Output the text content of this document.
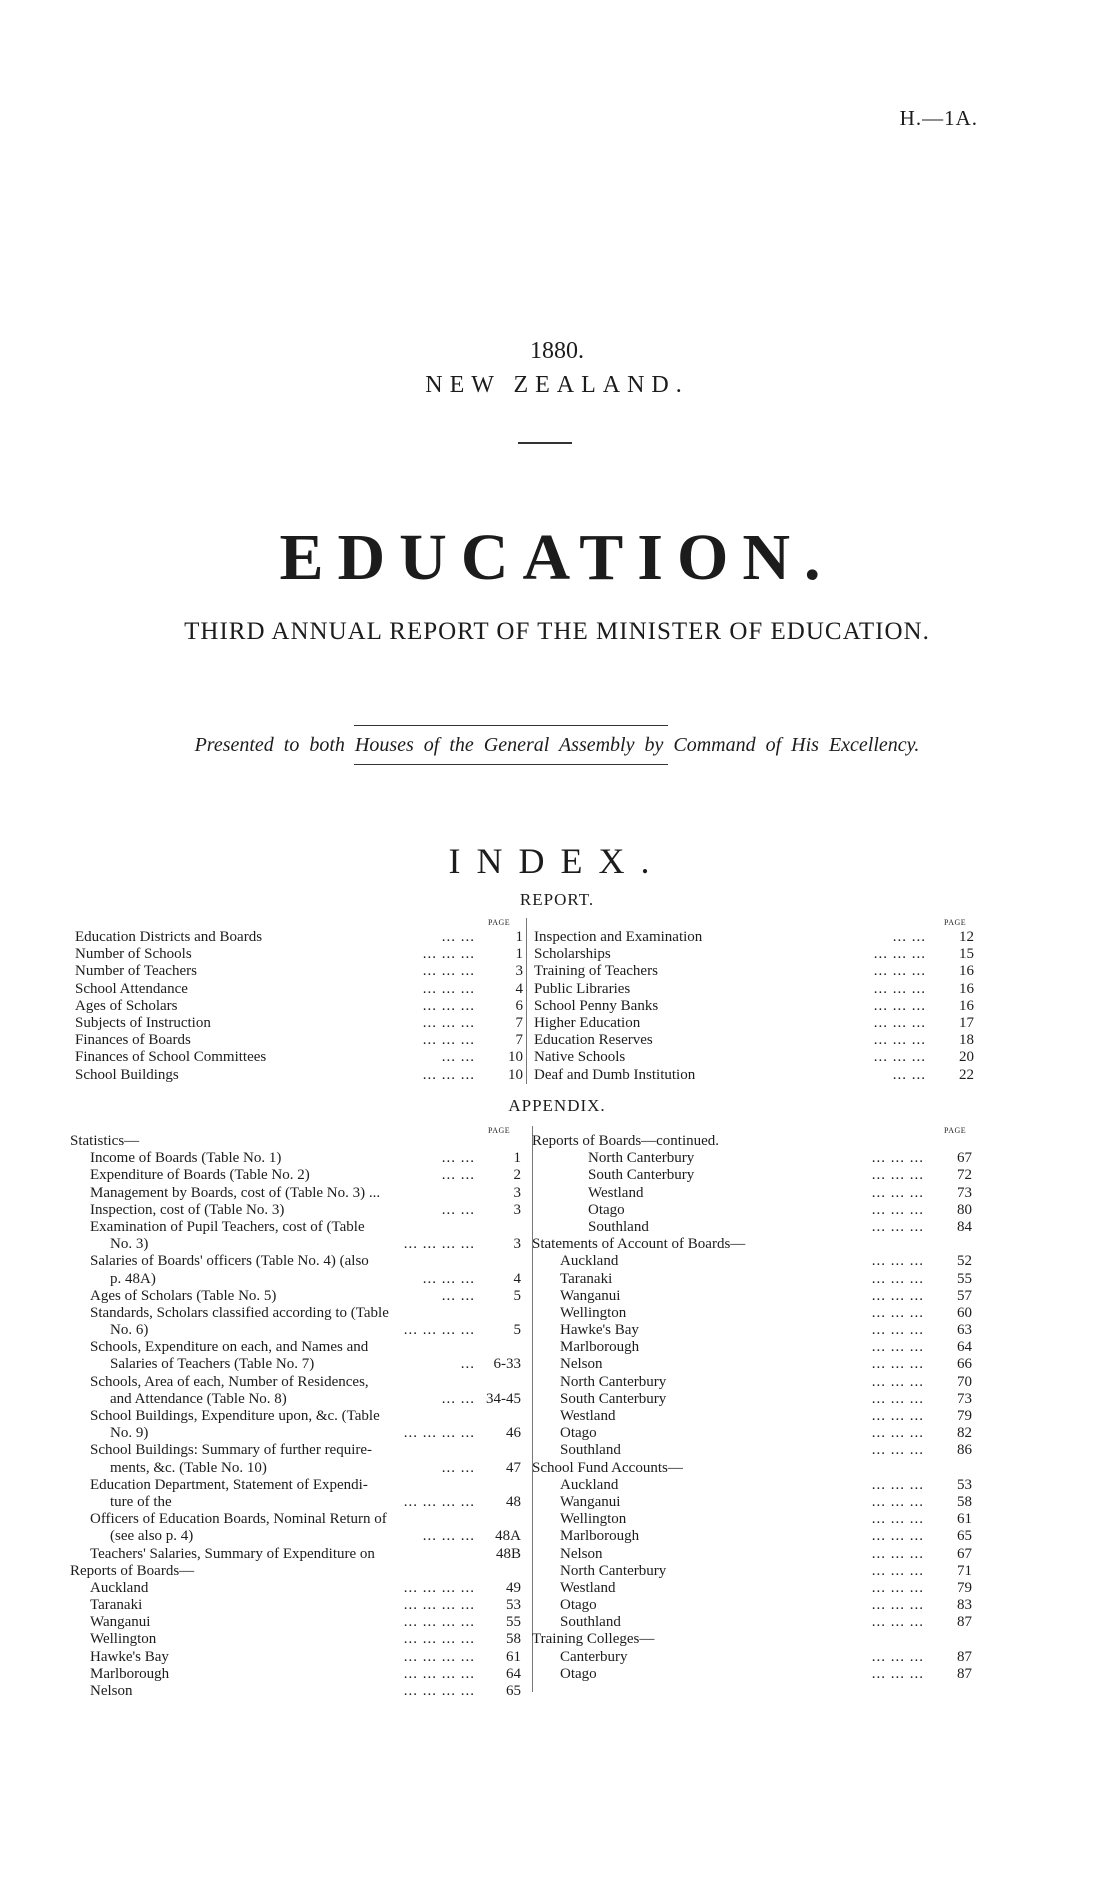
H.—1A.
1880.
NEW ZEALAND.
EDUCATION.
THIRD ANNUAL REPORT OF THE MINISTER OF EDUCATION.
Presented to both Houses of the General Assembly by Command of His Excellency.
INDEX.
REPORT.
PAGE	PAGE
Education Districts and Boards	... ...	1
Number of Schools	... ... ...	1
Number of Teachers	... ... ...	3
School Attendance	... ... ...	4
Ages of Scholars	... ... ...	6
Subjects of Instruction	... ... ...	7
Finances of Boards	... ... ...	7
Finances of School Committees	... ...	10
School Buildings	... ... ...	10
Inspection and Examination	... ...	12
Scholarships	... ... ...	15
Training of Teachers	... ... ...	16
Public Libraries	... ... ...	16
School Penny Banks	... ... ...	16
Higher Education	... ... ...	17
Education Reserves	... ... ...	18
Native Schools	... ... ...	20
Deaf and Dumb Institution	... ...	22
APPENDIX.
PAGE	PAGE
Statistics—
Income of Boards (Table No. 1)	... ...	1
Expenditure of Boards (Table No. 2)	... ...	2
Management by Boards, cost of (Table No. 3) ...	3
Inspection, cost of (Table No. 3)	... ...	3
Examination of Pupil Teachers, cost of (Table
No. 3)	... ... ... ...	3
Salaries of Boards' officers (Table No. 4) (also
p. 48A)	... ... ...	4
Ages of Scholars (Table No. 5)	... ...	5
Standards, Scholars classified according to (Table
No. 6)	... ... ... ...	5
Schools, Expenditure on each, and Names and
Salaries of Teachers (Table No. 7)	...	6-33
Schools, Area of each, Number of Residences,
and Attendance (Table No. 8)	... ... 34-45
School Buildings, Expenditure upon, &c. (Table
No. 9)	... ... ... ...	46
School Buildings: Summary of further require-
ments, &c. (Table No. 10)	... ...	47
Education Department, Statement of Expendi-
ture of the	... ... ... ...	48
Officers of Education Boards, Nominal Return of
(see also p. 4)	... ... ...	48A
Teachers' Salaries, Summary of Expenditure on	48B
Reports of Boards—
Auckland	... ... ... ...	49
Taranaki	... ... ... ...	53
Wanganui	... ... ... ...	55
Wellington	... ... ... ...	58
Hawke's Bay	... ... ... ...	61
Marlborough	... ... ... ...	64
Nelson	... ... ... ...	65
Reports of Boards—continued.
North Canterbury	... ... ...	67
South Canterbury	... ... ...	72
Westland	... ... ...	73
Otago	... ... ...	80
Southland	... ... ...	84
Statements of Account of Boards—
Auckland	... ... ...	52
Taranaki	... ... ...	55
Wanganui	... ... ...	57
Wellington	... ... ...	60
Hawke's Bay	... ... ...	63
Marlborough	... ... ...	64
Nelson	... ... ...	66
North Canterbury	... ... ...	70
South Canterbury	... ... ...	73
Westland	... ... ...	79
Otago	... ... ...	82
Southland	... ... ...	86
School Fund Accounts—
Auckland	... ... ...	53
Wanganui	... ... ...	58
Wellington	... ... ...	61
Marlborough	... ... ...	65
Nelson	... ... ...	67
North Canterbury	... ... ...	71
Westland	... ... ...	79
Otago	... ... ...	83
Southland	... ... ...	87
Training Colleges—
Canterbury	... ... ...	87
Otago	... ... ...	87
